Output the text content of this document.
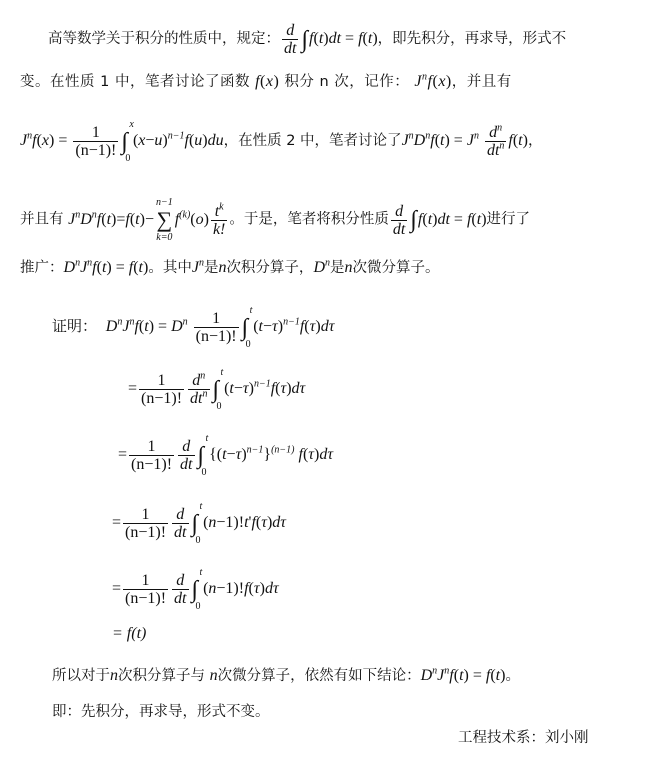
高等数学关于积分的性质中，规定： $\frac{d}{dt} \int f(t)dt = f(t)$，即先积分，再求导，形式不
变。在性质 1 中，笔者讨论了函数 f(x) 积分 n 次，记作： $J^nf(x)$，并且有
$J^nf(x) = \frac{1}{(n-1)!}$ ∫
x
0
$(x-u)^{n-1}f(u)du$，在性质 2 中，笔者讨论了$J^nD^nf(t) = J^n \frac{d^n}{dt^n} f(t)$，
并且有 $J^nD^nf(t)=f(t)-$
n−1
∑
k=0
$f^{(k)}(o) \frac{t^k}{k!}$ 。于是，笔者将积分性质 $\frac{d}{dt} \int f(t)dt = f(t)$进行了
推广：$D^nJ^nf(t) = f(t)$。其中$J^n$是n次积分算子，$D^n$是n次微分算子。
证明：  $D^nJ^nf(t) = D^n \frac{1}{(n-1)!}$ ∫
t
0
$(t-\tau)^{n-1}f(\tau)d\tau$
= $\frac{1}{(n-1)!} \frac{d^n}{dt^n}$ ∫
t
0
$(t-\tau)^{n-1}f(\tau)d\tau$
= $\frac{1}{(n-1)!} \frac{d}{dt}$ ∫
t
0
$\{(t-\tau)^{n-1}\}^{(n-1)}$ f(τ)dτ
= $\frac{1}{(n-1)!} \frac{d}{dt}$ ∫
t
0
(n−1)!t'f(τ)dτ
= $\frac{1}{(n-1)!} \frac{d}{dt}$ ∫
t
0
(n−1)!f(τ)dτ
= f(t)
所以对于n次积分算子与 n次微分算子，依然有如下结论：$D^nJ^nf(t) = f(t)$。
即：先积分，再求导，形式不变。
工程技术系：刘小刚
